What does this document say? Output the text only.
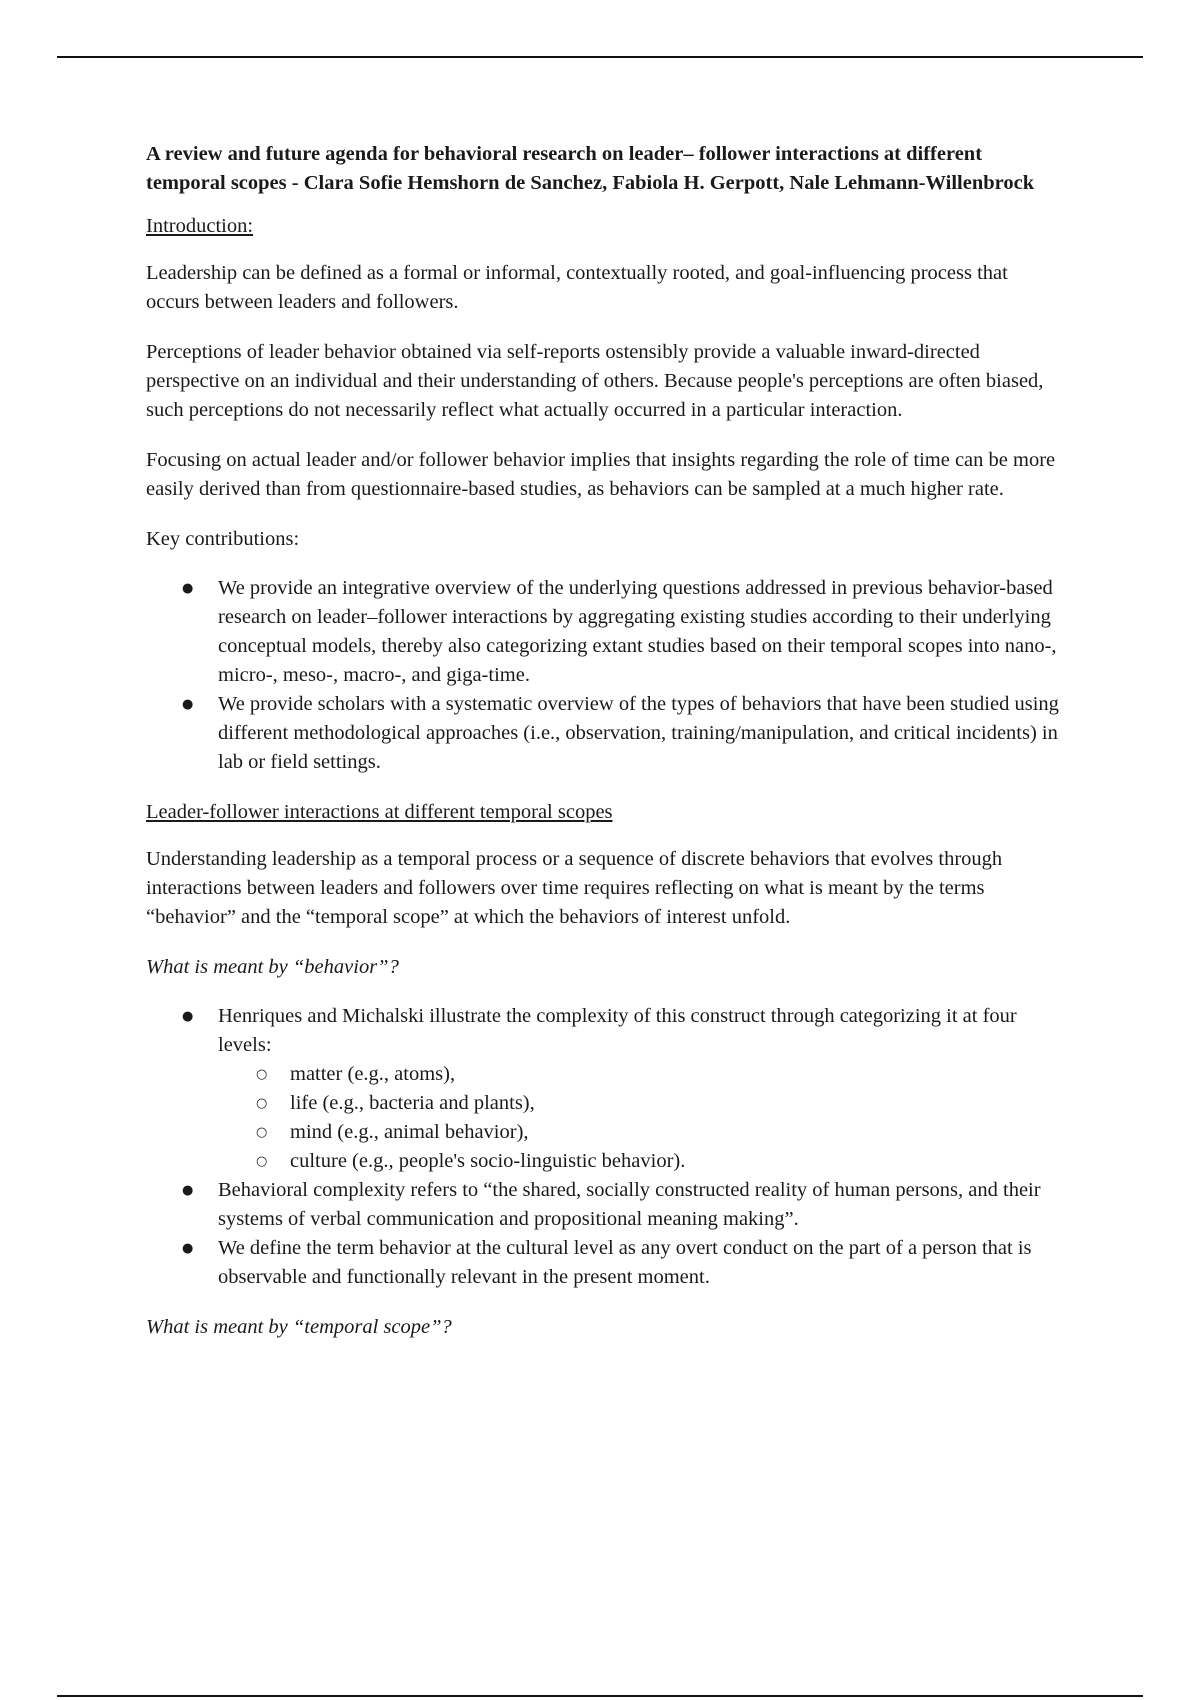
A review and future agenda for behavioral research on leader– follower interactions at different temporal scopes - Clara Sofie Hemshorn de Sanchez, Fabiola H. Gerpott, Nale Lehmann-Willenbrock

Introduction:

Leadership can be defined as a formal or informal, contextually rooted, and goal-influencing process that occurs between leaders and followers.

Perceptions of leader behavior obtained via self-reports ostensibly provide a valuable inward-directed perspective on an individual and their understanding of others. Because people's perceptions are often biased, such perceptions do not necessarily reflect what actually occurred in a particular interaction.

Focusing on actual leader and/or follower behavior implies that insights regarding the role of time can be more easily derived than from questionnaire-based studies, as behaviors can be sampled at a much higher rate.

Key contributions:

● We provide an integrative overview of the underlying questions addressed in previous behavior-based research on leader–follower interactions by aggregating existing studies according to their underlying conceptual models, thereby also categorizing extant studies based on their temporal scopes into nano-, micro-, meso-, macro-, and giga-time.
● We provide scholars with a systematic overview of the types of behaviors that have been studied using different methodological approaches (i.e., observation, training/manipulation, and critical incidents) in lab or field settings.

Leader-follower interactions at different temporal scopes

Understanding leadership as a temporal process or a sequence of discrete behaviors that evolves through interactions between leaders and followers over time requires reflecting on what is meant by the terms “behavior” and the “temporal scope” at which the behaviors of interest unfold.

What is meant by “behavior”?

● Henriques and Michalski illustrate the complexity of this construct through categorizing it at four levels:
○ matter (e.g., atoms),
○ life (e.g., bacteria and plants),
○ mind (e.g., animal behavior),
○ culture (e.g., people's socio-linguistic behavior).
● Behavioral complexity refers to “the shared, socially constructed reality of human persons, and their systems of verbal communication and propositional meaning making”.
● We define the term behavior at the cultural level as any overt conduct on the part of a person that is observable and functionally relevant in the present moment.

What is meant by “temporal scope”?
